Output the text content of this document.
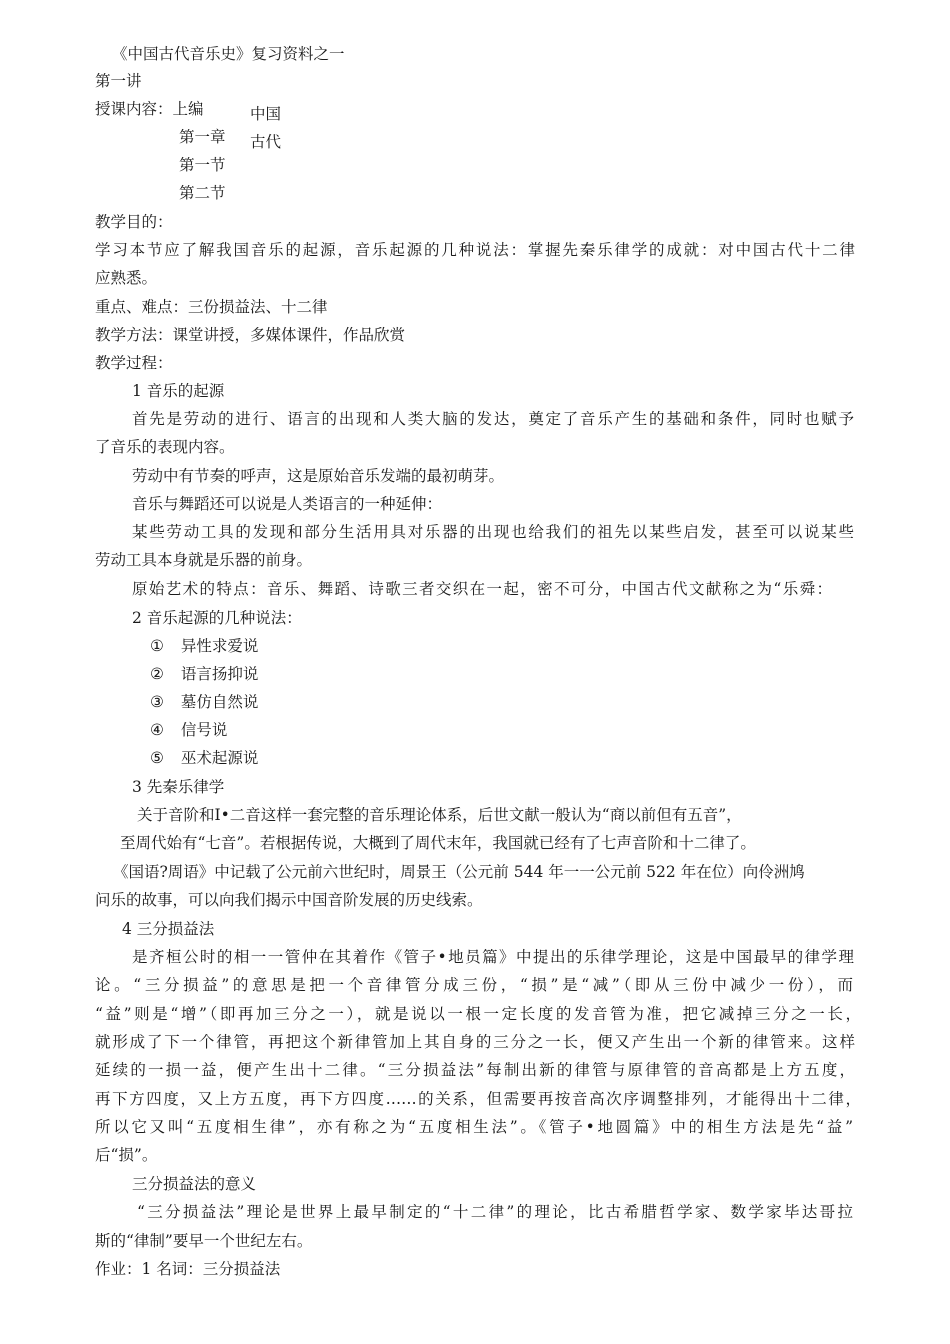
《中国古代音乐史》复习资料之一
第一讲
授课内容：上编	中国
古代
第一章
第一节
第二节
教学目的：
学习本节应了解我国音乐的起源，音乐起源的几种说法：掌握先秦乐律学的成就：对中国古代十二律
应熟悉。
重点、难点：三份损益法、十二律
教学方法：课堂讲授，多媒体课件，作品欣赏
教学过程：
1 音乐的起源
首先是劳动的进行、语言的出现和人类大脑的发达，奠定了音乐产生的基础和条件，同时也赋予
了音乐的表现内容。
劳动中有节奏的呼声，这是原始音乐发端的最初萌芽。
音乐与舞蹈还可以说是人类语言的一种延伸：
某些劳动工具的发现和部分生活用具对乐器的出现也给我们的祖先以某些启发，甚至可以说某些
劳动工具本身就是乐器的前身。
原始艺术的特点：音乐、舞蹈、诗歌三者交织在一起，密不可分，中国古代文献称之为“乐舜：
2 音乐起源的几种说法：
① 异性求爱说
② 语言扬抑说
③ 墓仿自然说
④ 信号说
⑤ 巫术起源说
3 先秦乐律学
关于音阶和I•二音这样一套完整的音乐理论体系，后世文献一般认为“商以前但有五音”，
至周代始有“七音”。若根据传说，大概到了周代末年，我国就已经有了七声音阶和十二律了。
《国语?周语》中记载了公元前六世纪时，周景王（公元前 544 年一一公元前 522 年在位）向伶洲鸠
问乐的故事，可以向我们揭示中国音阶发展的历史线索。
4 三分损益法
是齐桓公时的相一一管仲在其着作《管子•地员篇》中提出的乐律学理论，这是中国最早的律学理
论。“三分损益”的意思是把一个音律管分成三份，“损”是“减”（即从三份中减少一份），而
“益”则是“增”（即再加三分之一），就是说以一根一定长度的发音管为准，把它减掉三分之一长，
就形成了下一个律管，再把这个新律管加上其自身的三分之一长，便又产生出一个新的律管来。这样
延续的一损一益，便产生出十二律。“三分损益法”每制出新的律管与原律管的音高都是上方五度，
再下方四度，又上方五度，再下方四度……的关系，但需要再按音高次序调整排列，才能得出十二律，
所以它又叫“五度相生律”，亦有称之为“五度相生法”。《管子•地圆篇》中的相生方法是先“益”
后“损”。
三分损益法的意义
“三分损益法”理论是世界上最早制定的“十二律”的理论，比古希腊哲学家、数学家毕达哥拉
斯的“律制”要早一个世纪左右。
作业：1 名词：三分损益法
